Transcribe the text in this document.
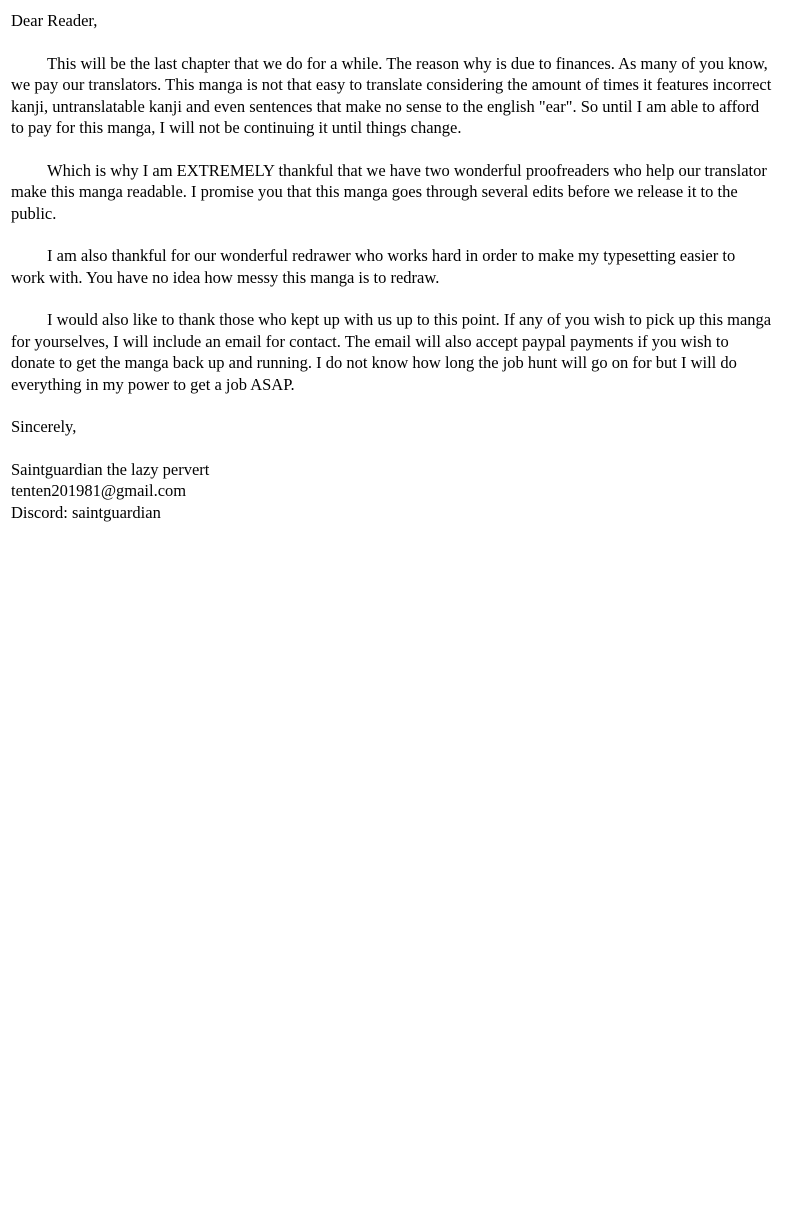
Dear Reader,

This will be the last chapter that we do for a while. The reason why is due to finances. As many of you know, we pay our translators. This manga is not that easy to translate considering the amount of times it features incorrect kanji, untranslatable kanji and even sentences that make no sense to the english "ear". So until I am able to afford to pay for this manga, I will not be continuing it until things change.

Which is why I am EXTREMELY thankful that we have two wonderful proofreaders who help our translator make this manga readable. I promise you that this manga goes through several edits before we release it to the public.

I am also thankful for our wonderful redrawer who works hard in order to make my typesetting easier to work with. You have no idea how messy this manga is to redraw.

I would also like to thank those who kept up with us up to this point. If any of you wish to pick up this manga for yourselves, I will include an email for contact. The email will also accept paypal payments if you wish to donate to get the manga back up and running. I do not know how long the job hunt will go on for but I will do everything in my power to get a job ASAP.

Sincerely,

Saintguardian the lazy pervert

tenten201981@gmail.com

Discord: saintguardian
